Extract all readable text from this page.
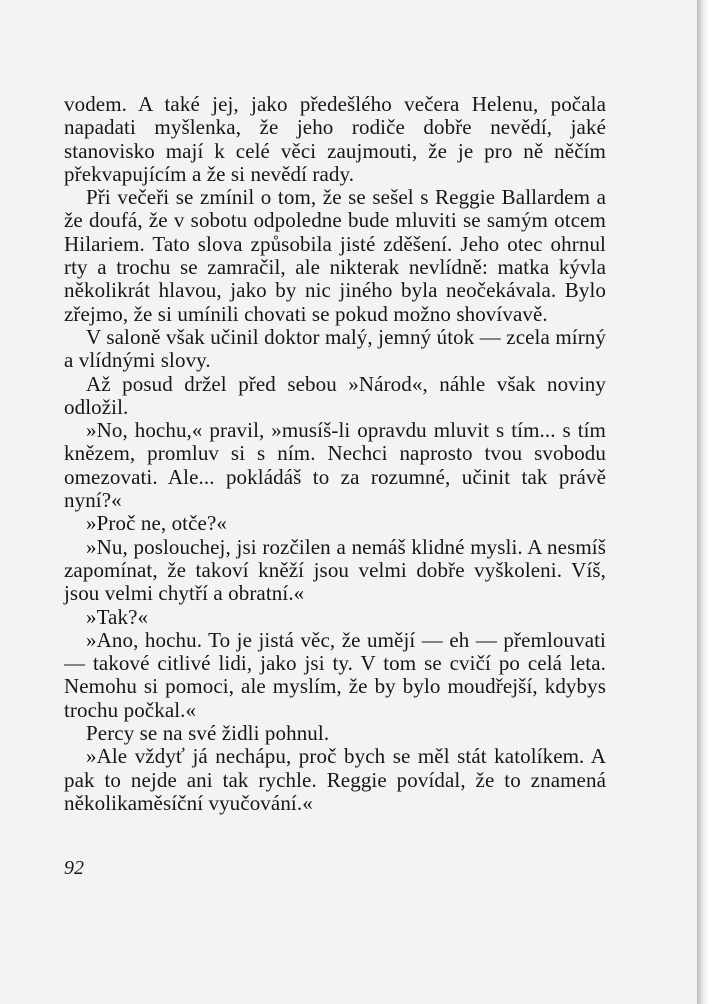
vodem. A také jej, jako předešlého večera Helenu, počala napadati myšlenka, že jeho rodiče dobře nevědí, jaké stanovisko mají k celé věci zaujmouti, že je pro ně něčím překvapujícím a že si nevědí rady.

Při večeři se zmínil o tom, že se sešel s Reggie Ballardem a že doufá, že v sobotu odpoledne bude mluviti se samým otcem Hilariem. Tato slova způsobila jisté zděšení. Jeho otec ohrnul rty a trochu se zamračil, ale nikterak nevlídně: matka kývla několikrát hlavou, jako by nic jiného byla neočekávala. Bylo zřejmo, že si umínili chovati se pokud možno shovívavě.

V saloně však učinil doktor malý, jemný útok — zcela mírný a vlídnými slovy.

Až posud držel před sebou »Národ«, náhle však noviny odložil.

»No, hochu,« pravil, »musíš-li opravdu mluvit s tím... s tím knězem, promluv si s ním. Nechci naprosto tvou svobodu omezovati. Ale... pokládáš to za rozumné, učinit tak právě nyní?«

»Proč ne, otče?«

»Nu, poslouchej, jsi rozčilen a nemáš klidné mysli. A nesmíš zapomínat, že takoví kněží jsou velmi dobře vyškoleni. Víš, jsou velmi chytří a obratní.«

»Tak?«

»Ano, hochu. To je jistá věc, že umějí — eh — přemlouvati — takové citlivé lidi, jako jsi ty. V tom se cvičí po celá leta. Nemohu si pomoci, ale myslím, že by bylo moudřejší, kdybys trochu počkal.«

Percy se na své židli pohnul.

»Ale vždyť já nechápu, proč bych se měl stát katolíkem. A pak to nejde ani tak rychle. Reggie povídal, že to znamená několikaměsíční vyučování.«

92
